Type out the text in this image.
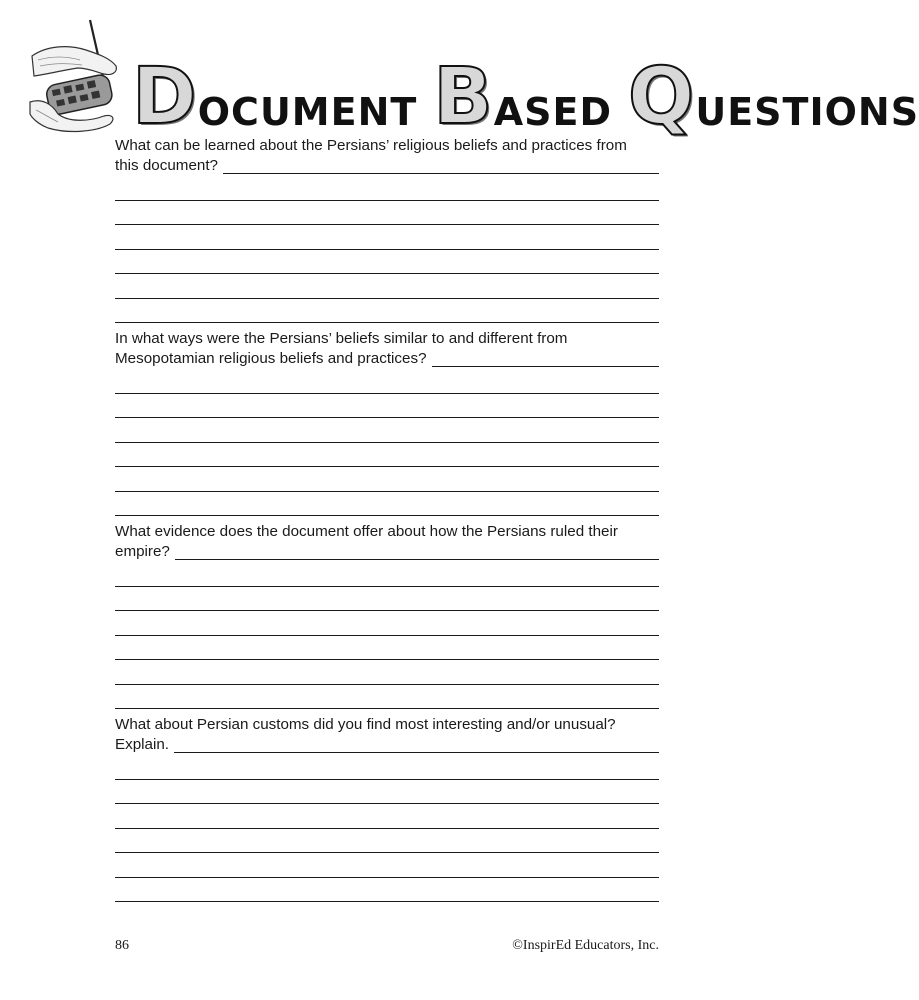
D OCUMENT B ASED Q UESTIONS
What can be learned about the Persians’ religious beliefs and practices from
this document?
In what ways were the Persians’ beliefs similar to and different from
Mesopotamian religious beliefs and practices?
What evidence does the document offer about how the Persians ruled their
empire?
What about Persian customs did you find most interesting and/or unusual?
Explain.
86	©InspirEd Educators, Inc.
